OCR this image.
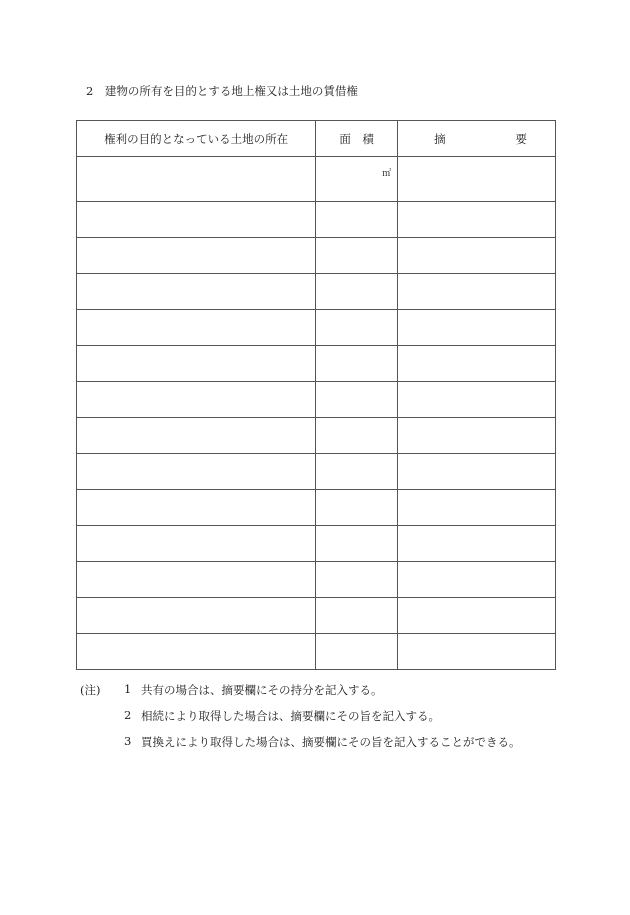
2　建物の所有を目的とする地上権又は土地の賃借権
権利の目的となっている土地の所在	面　積	摘 要

	㎡	

(注) 1 共有の場合は、摘要欄にその持分を記入する。
2 相続により取得した場合は、摘要欄にその旨を記入する。
3 買換えにより取得した場合は、摘要欄にその旨を記入することができる。
